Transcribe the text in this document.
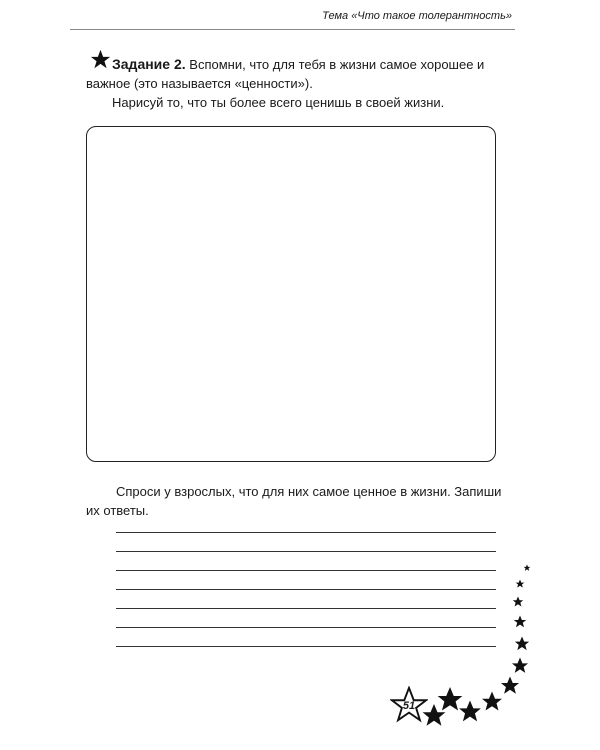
Тема «Что такое толерантность»

Задание 2. Вспомни, что для тебя в жизни самое хорошее и важное (это называется «ценности»).

Нарисуй то, что ты более всего ценишь в своей жизни.

Спроси у взрослых, что для них самое ценное в жизни. Запиши их ответы.
51
